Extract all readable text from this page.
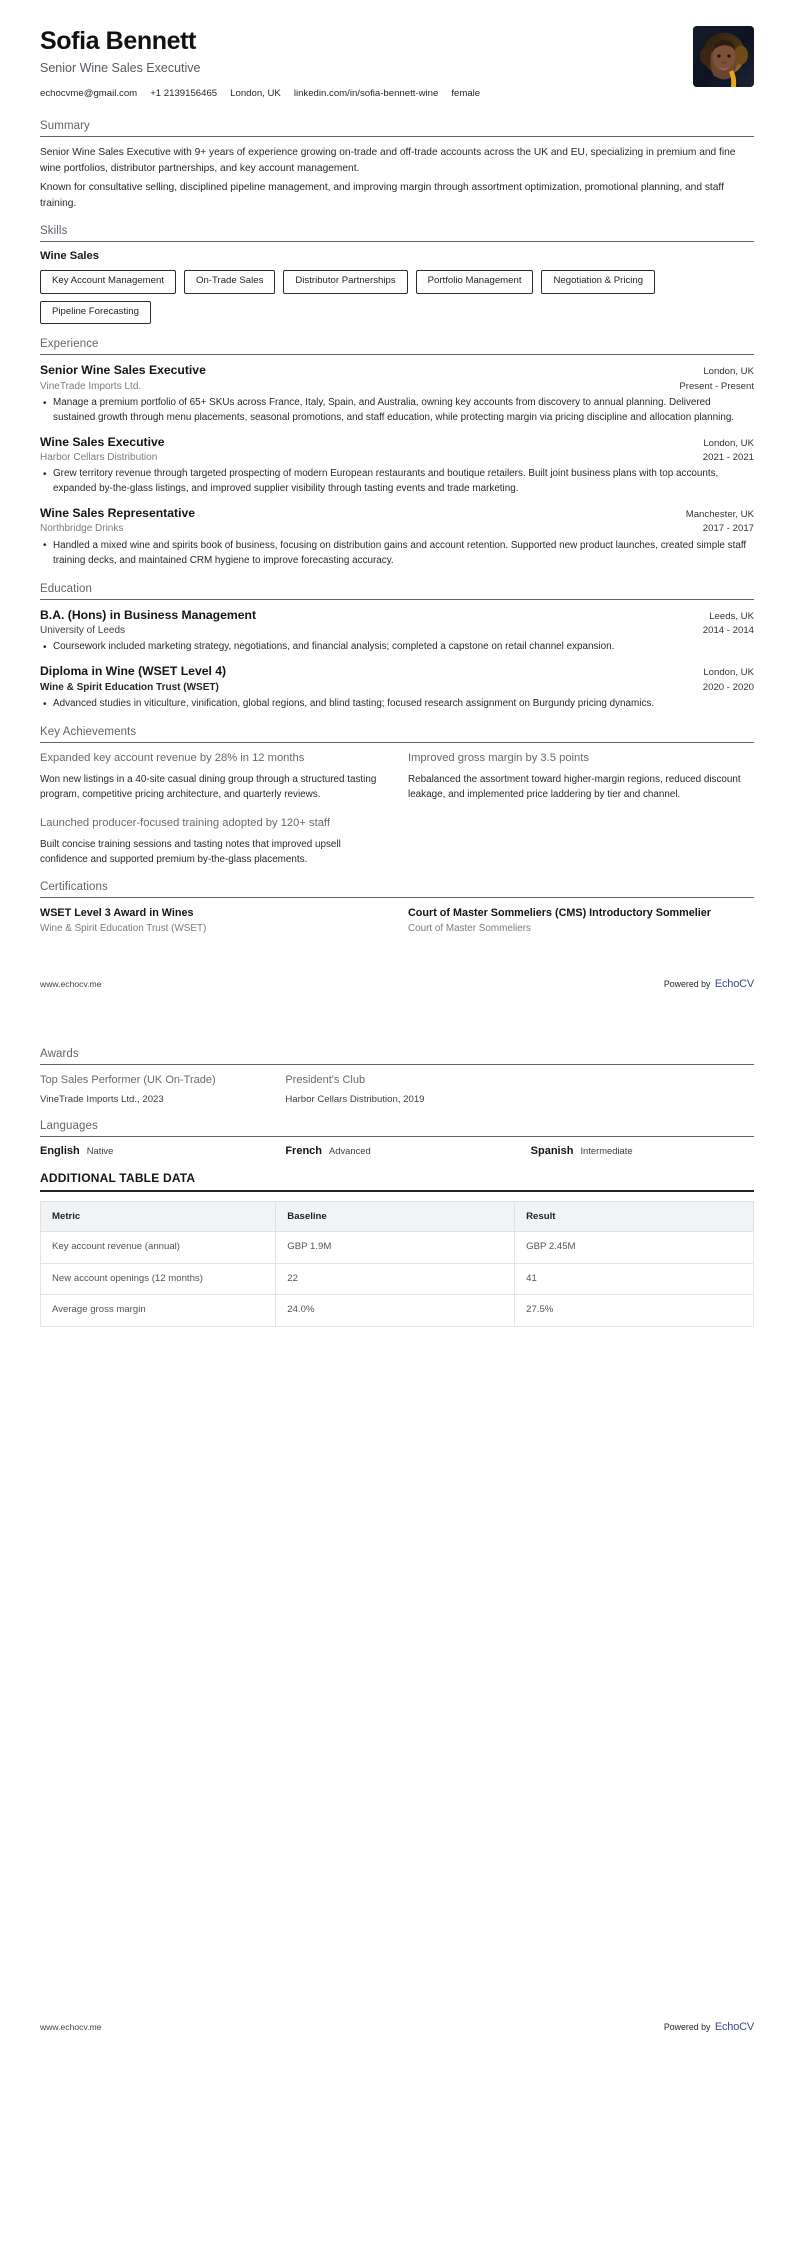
Sofia Bennett
Senior Wine Sales Executive
echocvme@gmail.com +1 2139156465 London, UK linkedin.com/in/sofia-bennett-wine female
Summary

Senior Wine Sales Executive with 9+ years of experience growing on-trade and off-trade accounts across the UK and EU, specializing in premium and fine wine portfolios, distributor partnerships, and key account management.

Known for consultative selling, disciplined pipeline management, and improving margin through assortment optimization, promotional planning, and staff training.

Skills
Wine Sales
Key Account Management	On-Trade Sales	Distributor Partnerships	Portfolio Management	Negotiation & Pricing
Pipeline Forecasting
Experience
Senior Wine Sales Executive	London, UK
VineTrade Imports Ltd.	Present - Present
• Manage a premium portfolio of 65+ SKUs across France, Italy, Spain, and Australia, owning key accounts from discovery to annual planning. Delivered sustained growth through menu placements, seasonal promotions, and staff education, while protecting margin via pricing discipline and allocation planning.
Wine Sales Executive	London, UK
Harbor Cellars Distribution	2021 - 2021
• Grew territory revenue through targeted prospecting of modern European restaurants and boutique retailers. Built joint business plans with top accounts, expanded by-the-glass listings, and improved supplier visibility through tasting events and trade marketing.
Wine Sales Representative	Manchester, UK
Northbridge Drinks	2017 - 2017
• Handled a mixed wine and spirits book of business, focusing on distribution gains and account retention. Supported new product launches, created simple staff training decks, and maintained CRM hygiene to improve forecasting accuracy.
Education
B.A. (Hons) in Business Management	Leeds, UK
University of Leeds	2014 - 2014
• Coursework included marketing strategy, negotiations, and financial analysis; completed a capstone on retail channel expansion.
Diploma in Wine (WSET Level 4)	London, UK
Wine & Spirit Education Trust (WSET)	2020 - 2020
• Advanced studies in viticulture, vinification, global regions, and blind tasting; focused research assignment on Burgundy pricing dynamics.
Key Achievements
Expanded key account revenue by 28% in 12 months
Won new listings in a 40-site casual dining group through a structured tasting program, competitive pricing architecture, and quarterly reviews.
Launched producer-focused training adopted by 120+ staff
Built concise training sessions and tasting notes that improved upsell confidence and supported premium by-the-glass placements.
Improved gross margin by 3.5 points
Rebalanced the assortment toward higher-margin regions, reduced discount leakage, and implemented price laddering by tier and channel.
Certifications
WSET Level 3 Award in Wines
Wine & Spirit Education Trust (WSET)
Court of Master Sommeliers (CMS) Introductory Sommelier
Court of Master Sommeliers
www.echocv.me	Powered by EchoCV
Awards
Top Sales Performer (UK On-Trade)
VineTrade Imports Ltd., 2023
President's Club
Harbor Cellars Distribution, 2019
Languages
English Native	French Advanced	Spanish Intermediate
ADDITIONAL TABLE DATA
Metric	Baseline	Result
Key account revenue (annual)	GBP 1.9M	GBP 2.45M
New account openings (12 months)	22	41
Average gross margin	24.0%	27.5%
www.echocv.me	Powered by EchoCV
